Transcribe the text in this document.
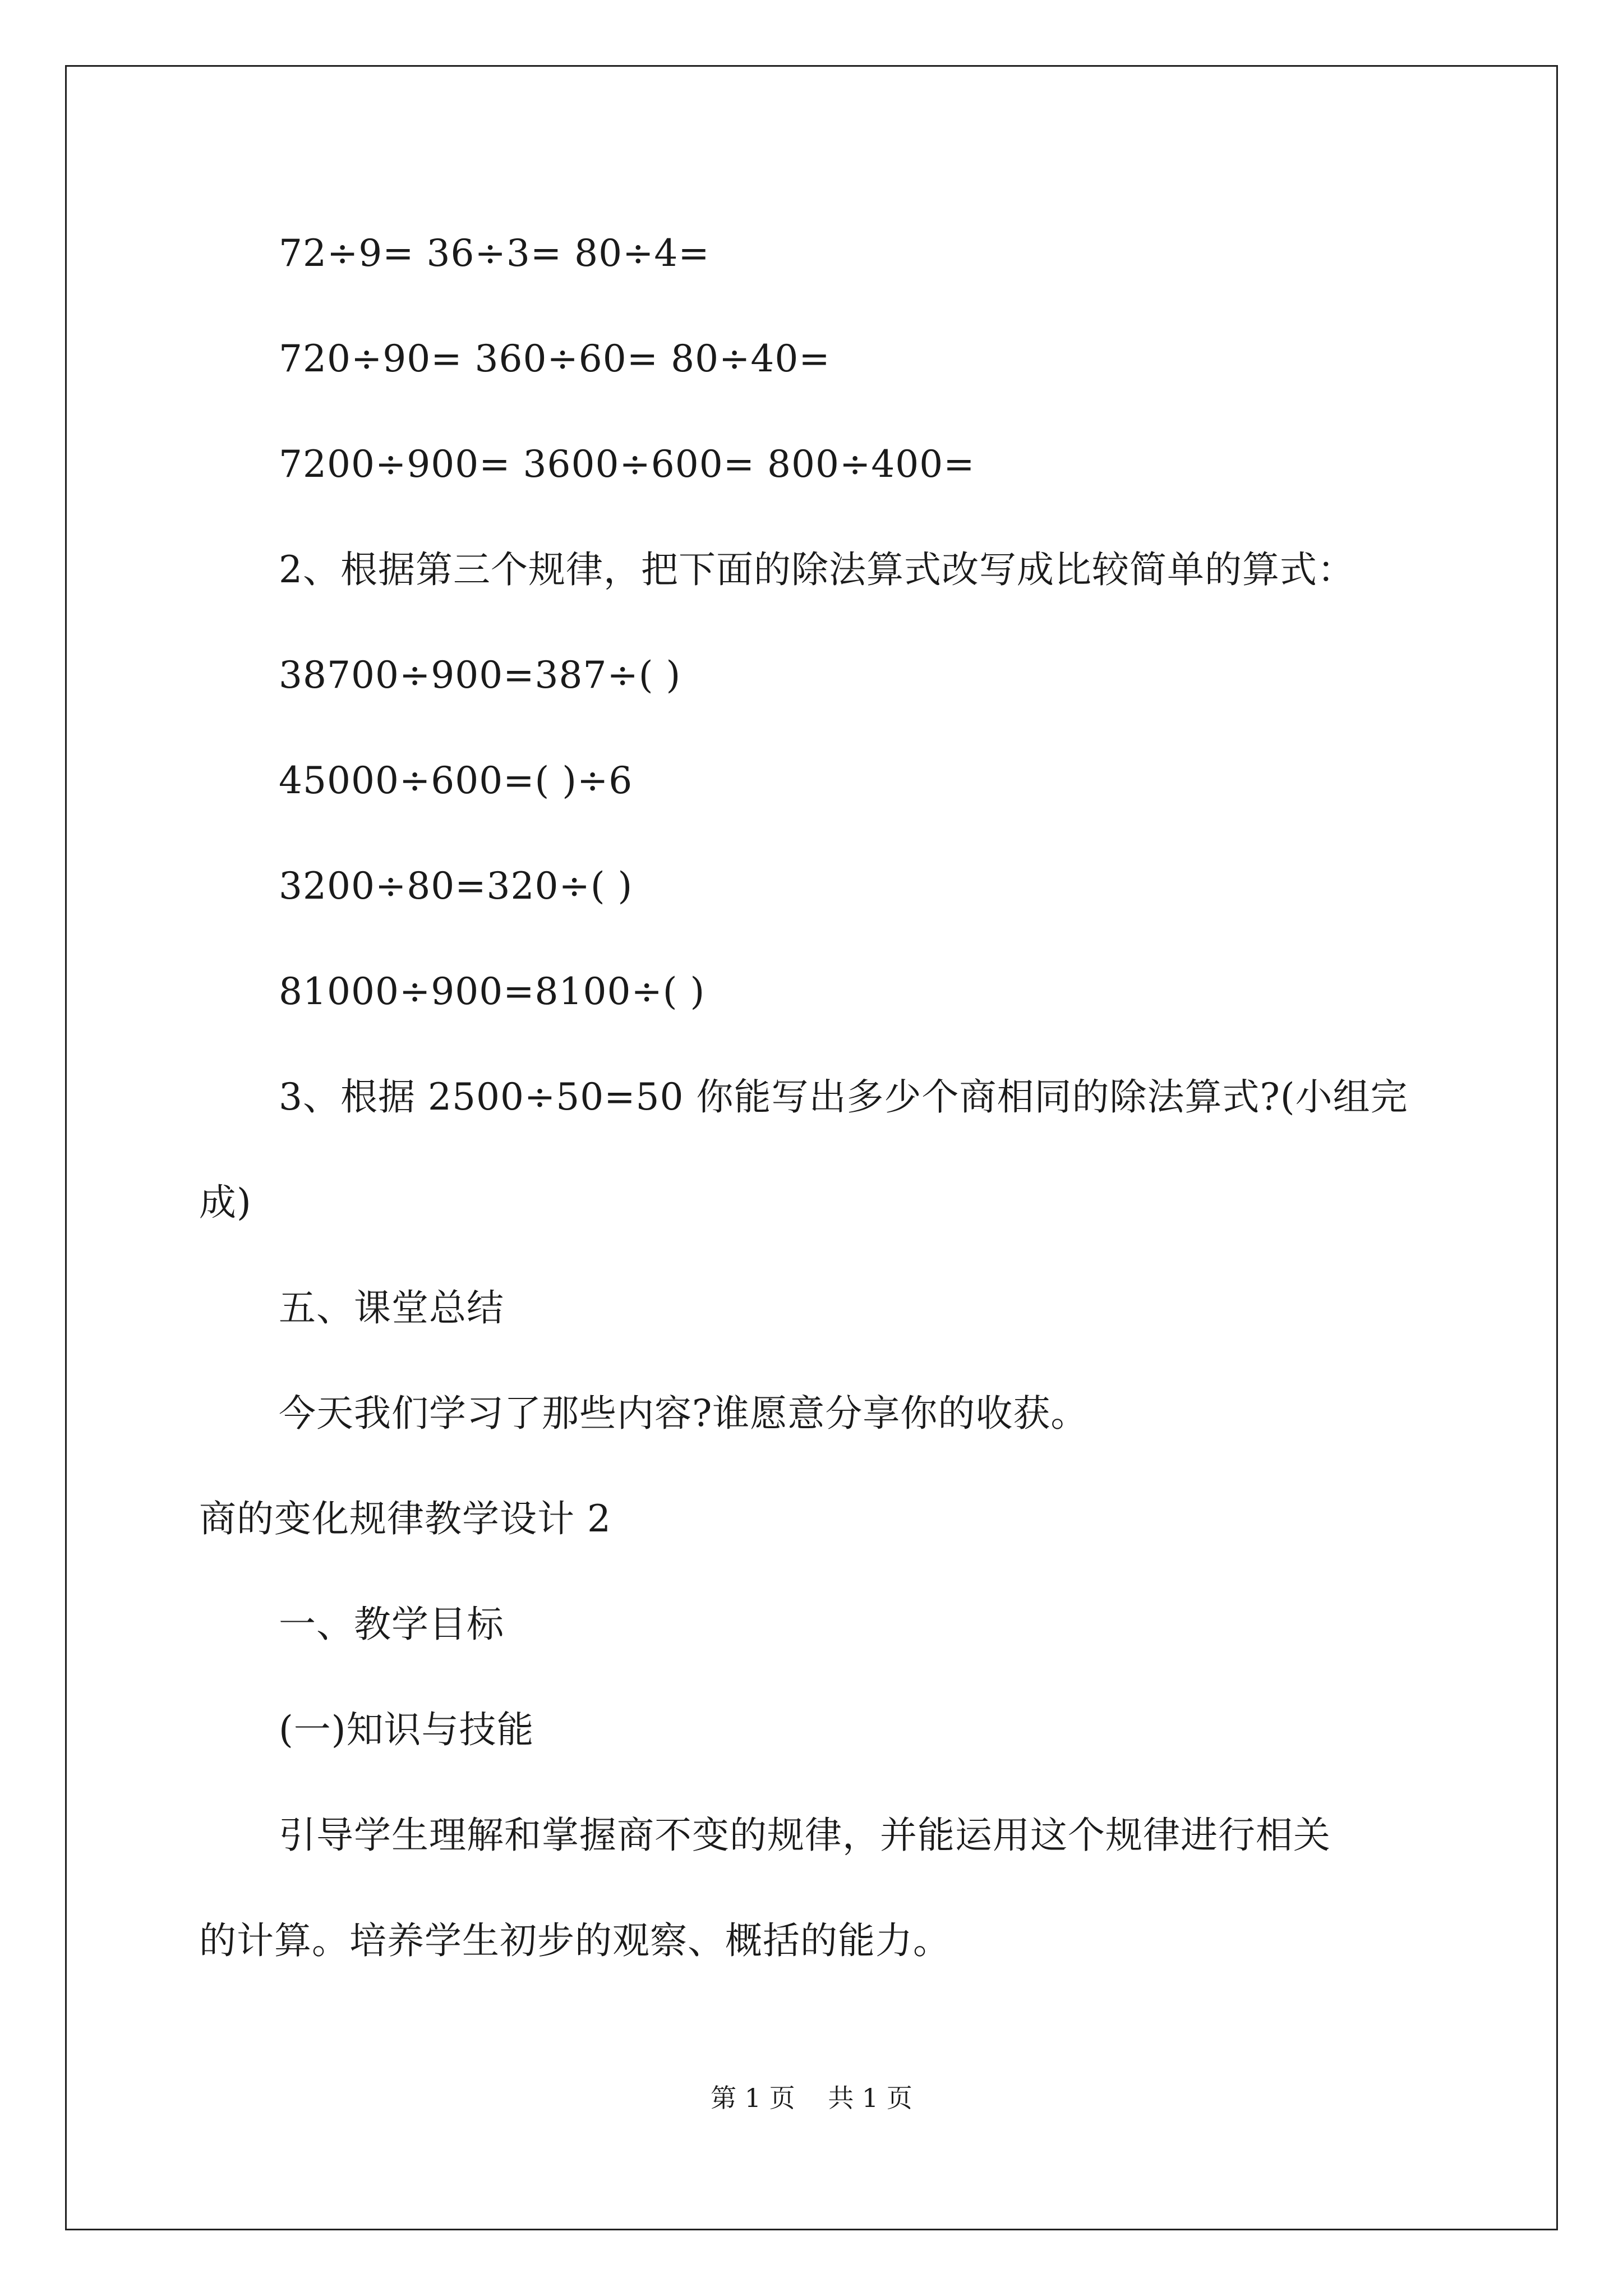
72÷9= 36÷3= 80÷4=
720÷90= 360÷60= 80÷40=
7200÷900= 3600÷600= 800÷400=
2、根据第三个规律，把下面的除法算式改写成比较简单的算式：
38700÷900=387÷( )
45000÷600=( )÷6
3200÷80=320÷( )
81000÷900=8100÷( )
3、根据 2500÷50=50 你能写出多少个商相同的除法算式?(小组完
成)
五、课堂总结
今天我们学习了那些内容?谁愿意分享你的收获。
商的变化规律教学设计 2
一、教学目标
(一)知识与技能
引导学生理解和掌握商不变的规律，并能运用这个规律进行相关
的计算。培养学生初步的观察、概括的能力。
第 1 页 共 1 页
